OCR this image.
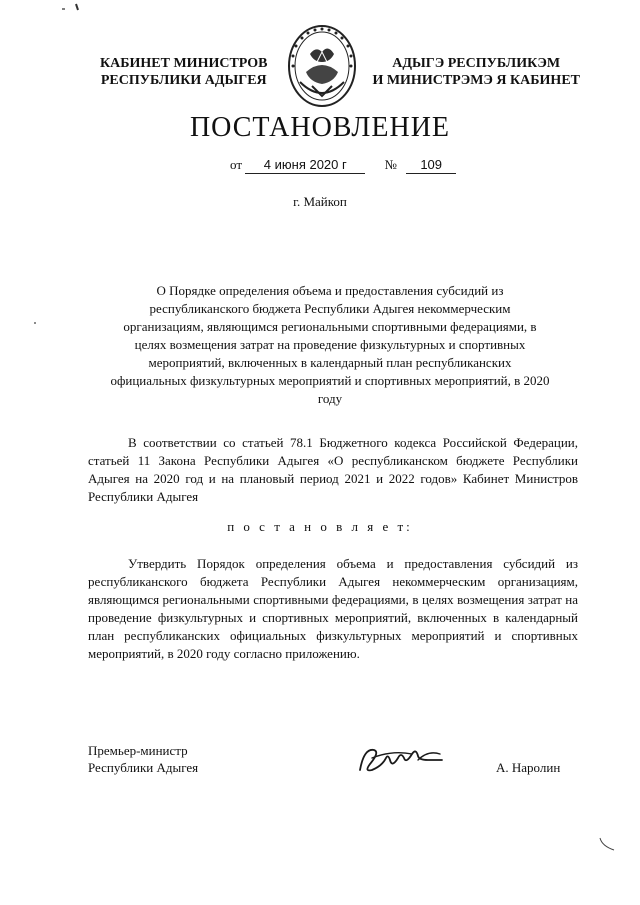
КАБИНЕТ МИНИСТРОВ
РЕСПУБЛИКИ АДЫГЕЯ
АДЫГЭ РЕСПУБЛИКЭМ
И МИНИСТРЭМЭ Я КАБИНЕТ
ПОСТАНОВЛЕНИЕ
от 4 июня 2020 г	№ 109
г. Майкоп
О Порядке определения объема и предоставления субсидий из республиканского бюджета Республики Адыгея некоммерческим организациям, являющимся региональными спортивными федерациями, в целях возмещения затрат на проведение физкультурных и спортивных мероприятий, включенных в календарный план республиканских официальных физкультурных мероприятий и спортивных мероприятий, в 2020 году
В соответствии со статьей 78.1 Бюджетного кодекса Российской Федерации, статьей 11 Закона Республики Адыгея «О республиканском бюджете Республики Адыгея на 2020 год и на плановый период 2021 и 2022 годов» Кабинет Министров Республики Адыгея
п о с т а н о в л я е т:
Утвердить Порядок определения объема и предоставления субсидий из республиканского бюджета Республики Адыгея некоммерческим организациям, являющимся региональными спортивными федерациями, в целях возмещения затрат на проведение физкультурных и спортивных мероприятий, включенных в календарный план республиканских официальных физкультурных мероприятий и спортивных мероприятий, в 2020 году согласно приложению.
Премьер-министр
Республики Адыгея	А. Наролин
